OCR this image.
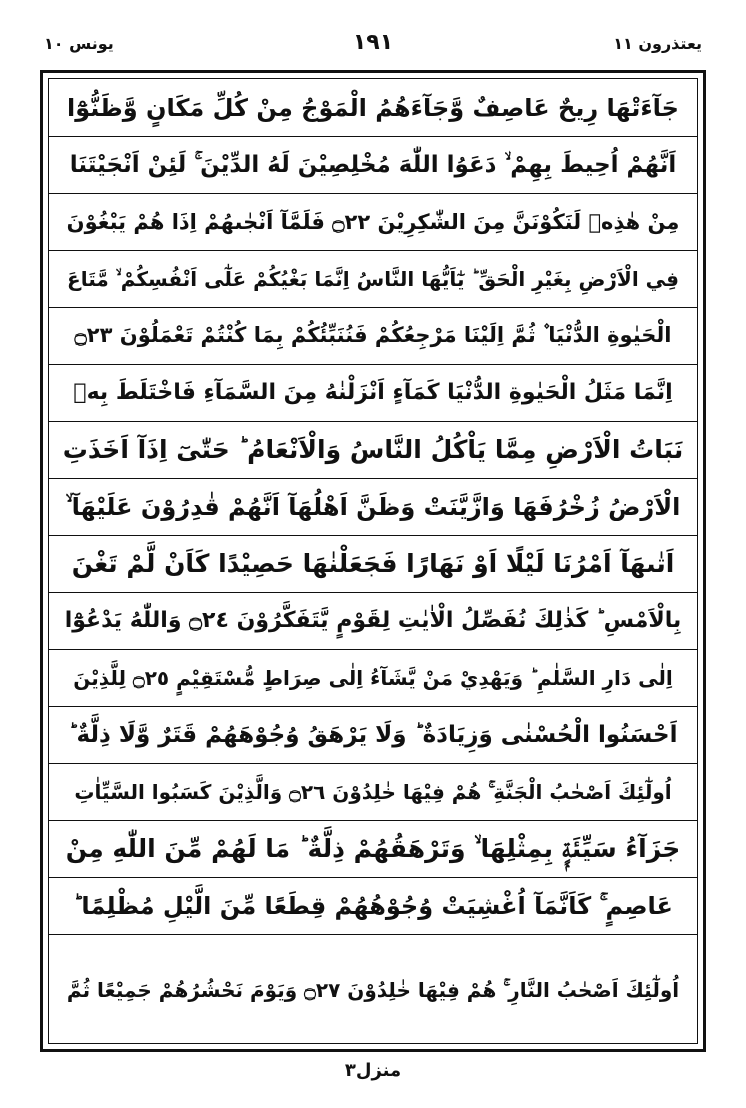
یونس ۱۰	۱۹۱	یعتذرون ۱۱
جَآءَتْهَا رِيحٌ عَاصِفٌ وَّجَآءَهُمُ الْمَوْجُ مِنْ كُلِّ مَكَانٍ وَّظَنُّوْٓا
اَنَّهُمْ اُحِيطَ بِهِمْ ۙ دَعَوُا اللّٰهَ مُخْلِصِيْنَ لَهُ الدِّيْنَ ۚ لَئِنْ اَنْجَيْتَنَا
مِنْ هٰذِهٖ لَنَكُوْنَنَّ مِنَ الشّٰكِرِيْنَ ۝٢٢ فَلَمَّآ اَنْجٰىهُمْ اِذَا هُمْ يَبْغُوْنَ
فِي الْاَرْضِ بِغَيْرِ الْحَقِّ ؕ يٰٓاَيُّهَا النَّاسُ اِنَّمَا بَغْيُكُمْ عَلٰٓى اَنْفُسِكُمْ ۙ مَّتَاعَ
الْحَيٰوةِ الدُّنْيَا ۫ ثُمَّ اِلَيْنَا مَرْجِعُكُمْ فَنُنَبِّئُكُمْ بِمَا كُنْتُمْ تَعْمَلُوْنَ ۝٢٣
اِنَّمَا مَثَلُ الْحَيٰوةِ الدُّنْيَا كَمَآءٍ اَنْزَلْنٰهُ مِنَ السَّمَآءِ فَاخْتَلَطَ بِهٖ
نَبَاتُ الْاَرْضِ مِمَّا يَاْكُلُ النَّاسُ وَالْاَنْعَامُ ؕ حَتّٰىٓ اِذَآ اَخَذَتِ
الْاَرْضُ زُخْرُفَهَا وَازَّيَّنَتْ وَظَنَّ اَهْلُهَآ اَنَّهُمْ قٰدِرُوْنَ عَلَيْهَآ ۙ
اَتٰىهَآ اَمْرُنَا لَيْلًا اَوْ نَهَارًا فَجَعَلْنٰهَا حَصِيْدًا كَاَنْ لَّمْ تَغْنَ
بِالْاَمْسِ ؕ كَذٰلِكَ نُفَصِّلُ الْاٰيٰتِ لِقَوْمٍ يَّتَفَكَّرُوْنَ ۝٢٤ وَاللّٰهُ يَدْعُوْٓا
اِلٰى دَارِ السَّلٰمِ ؕ وَيَهْدِيْ مَنْ يَّشَآءُ اِلٰى صِرَاطٍ مُّسْتَقِيْمٍ ۝٢٥ لِلَّذِيْنَ
اَحْسَنُوا الْحُسْنٰى وَزِيَادَةٌ ؕ وَلَا يَرْهَقُ وُجُوْهَهُمْ قَتَرٌ وَّلَا ذِلَّةٌ ؕ
اُولٰٓئِكَ اَصْحٰبُ الْجَنَّةِ ۚ هُمْ فِيْهَا خٰلِدُوْنَ ۝٢٦ وَالَّذِيْنَ كَسَبُوا السَّيِّاٰتِ
جَزَآءُ سَيِّئَةٍۭ بِمِثْلِهَا ۙ وَتَرْهَقُهُمْ ذِلَّةٌ ؕ مَا لَهُمْ مِّنَ اللّٰهِ مِنْ
عَاصِمٍ ۚ كَاَنَّمَآ اُغْشِيَتْ وُجُوْهُهُمْ قِطَعًا مِّنَ الَّيْلِ مُظْلِمًا ؕ
اُولٰٓئِكَ اَصْحٰبُ النَّارِ ۚ هُمْ فِيْهَا خٰلِدُوْنَ ۝٢٧ وَيَوْمَ نَحْشُرُهُمْ جَمِيْعًا ثُمَّ
منزل۳
